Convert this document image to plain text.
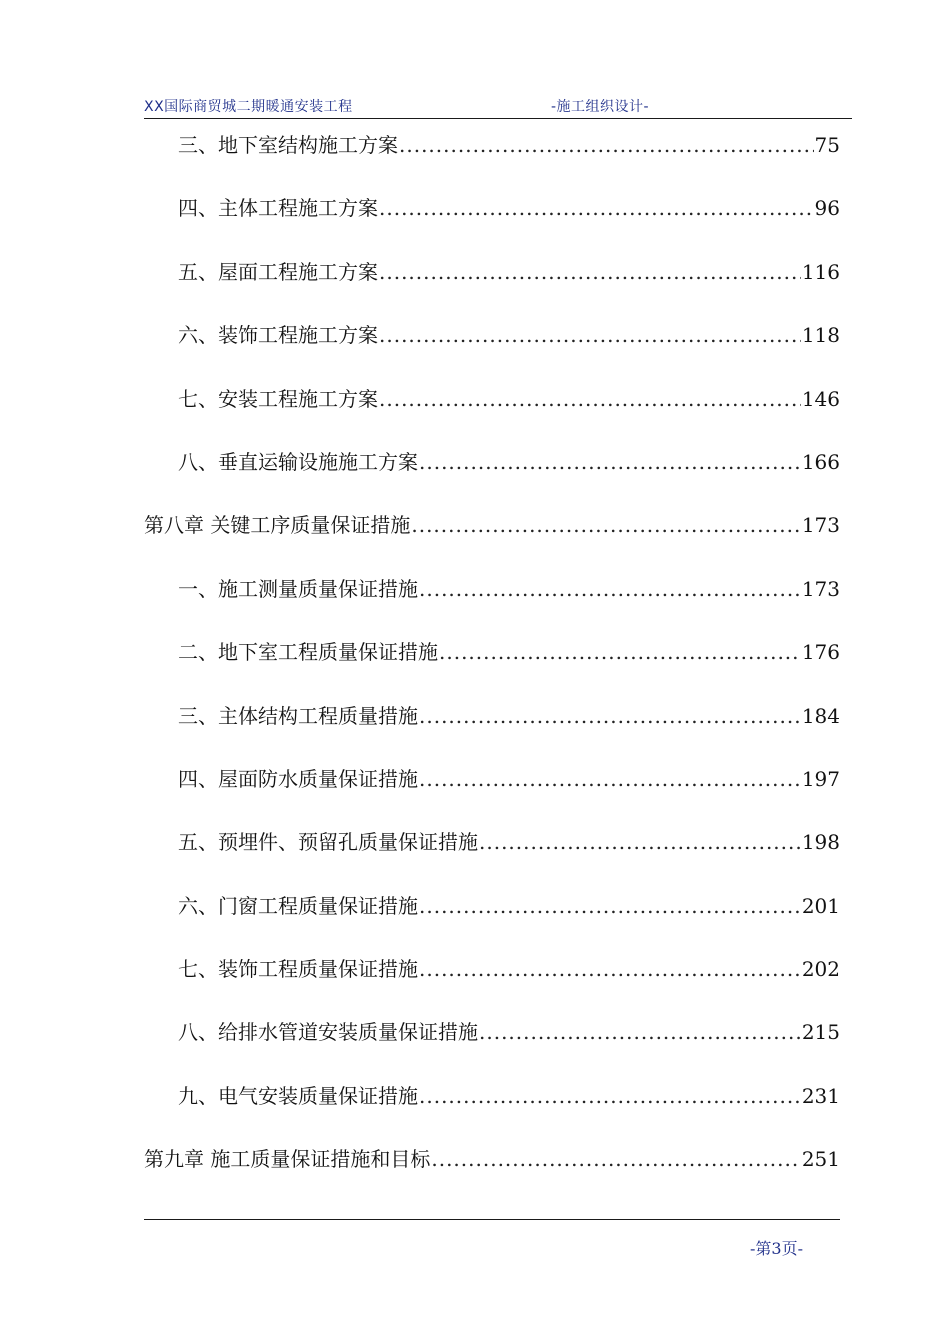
XX国际商贸城二期暖通安装工程	-施工组织设计-
三、地下室结构施工方案 .....	75
四、主体工程施工方案 .....	96
五、屋面工程施工方案 .....	116
六、装饰工程施工方案 .....	118
七、安装工程施工方案 .....	146
八、垂直运输设施施工方案 .....	166
第八章 关键工序质量保证措施 .....	173
一、施工测量质量保证措施 .....	173
二、地下室工程质量保证措施 .....	176
三、主体结构工程质量措施 .....	184
四、屋面防水质量保证措施 .....	197
五、预埋件、预留孔质量保证措施 .....	198
六、门窗工程质量保证措施 .....	201
七、装饰工程质量保证措施 .....	202
八、给排水管道安装质量保证措施 .....	215
九、电气安装质量保证措施 .....	231
第九章 施工质量保证措施和目标 .....	251
-第3页-
